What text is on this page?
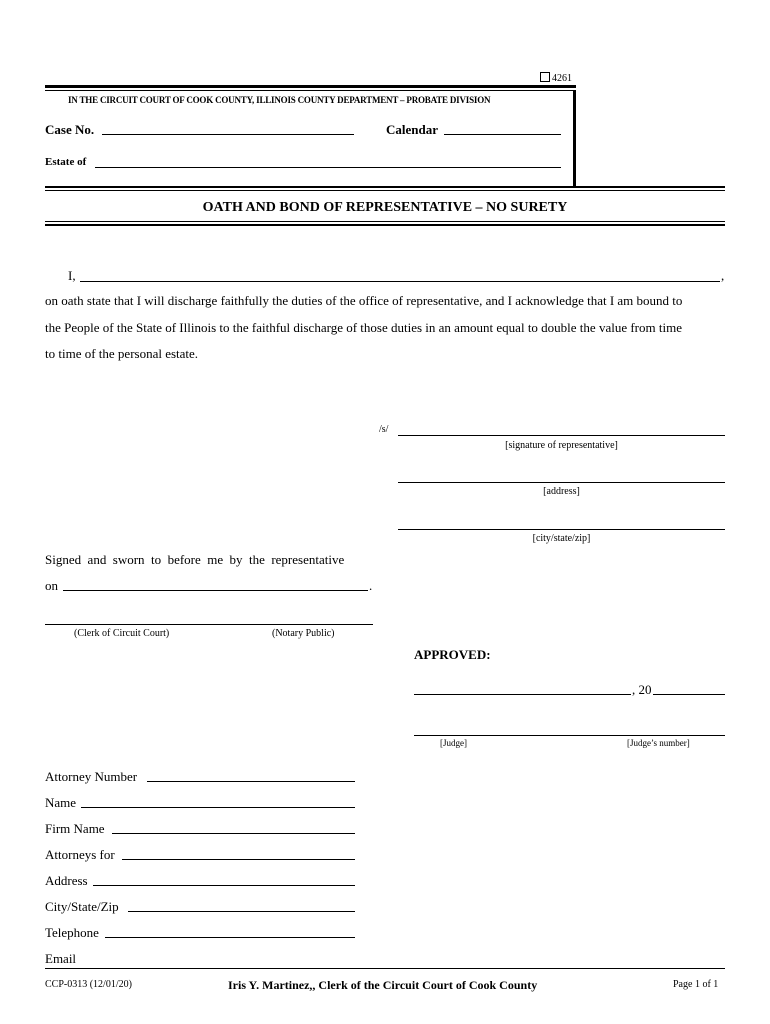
4261
IN THE CIRCUIT COURT OF COOK COUNTY, ILLINOIS COUNTY DEPARTMENT – PROBATE DIVISION
Case No.	Calendar
Estate of
OATH AND BOND OF REPRESENTATIVE – NO SURETY
I,	,
on oath state that I will discharge faithfully the duties of the office of representative, and I acknowledge that I am bound to
the People of the State of Illinois to the faithful discharge of those duties in an amount equal to double the value from time
to time of the personal estate.
/s/
[signature of representative]
[address]
[city/state/zip]
Signed and sworn to before me by the representative
on	.
(Clerk of Circuit Court)	(Notary Public)
APPROVED:
, 20
[Judge]	[Judge’s number]
Attorney Number
Name
Firm Name
Attorneys for
Address
City/State/Zip
Telephone
Email
CCP-0313 (12/01/20)	Iris Y. Martinez,, Clerk of the Circuit Court of Cook County	Page 1 of 1
